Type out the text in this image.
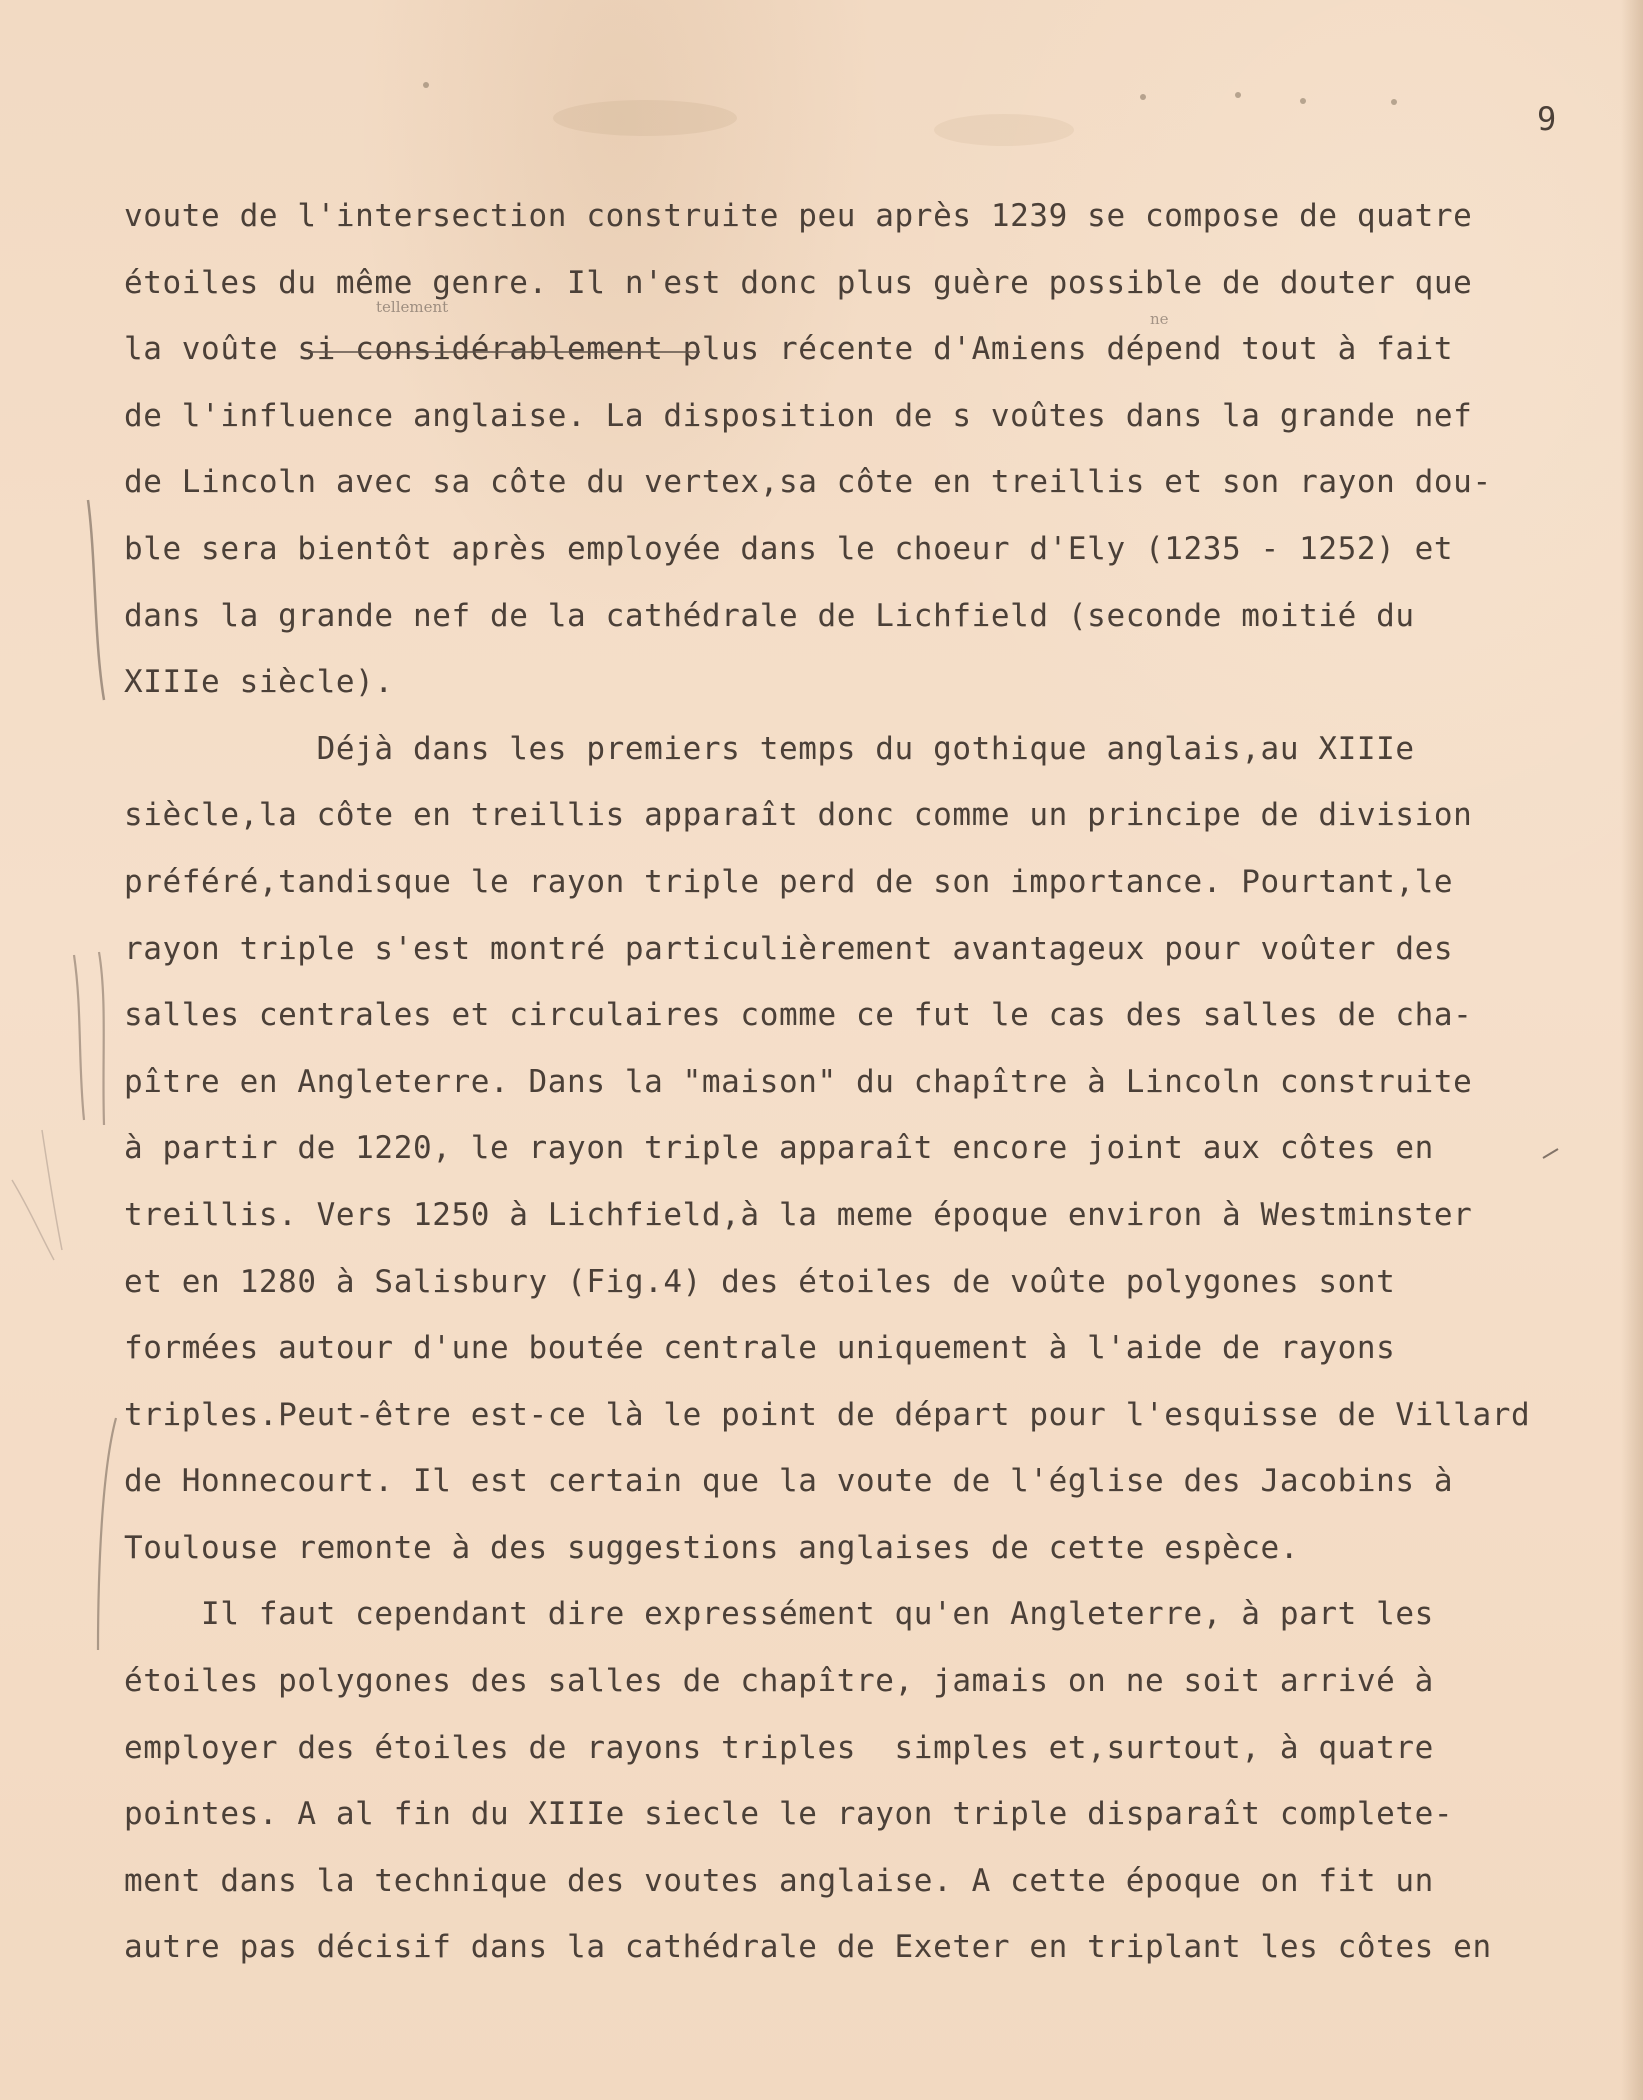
9
voute de l'intersection construite peu après 1239 se compose de quatre
étoiles du même genre. Il n'est donc plus guère possible de douter que
la voûte si considérablement plus récente d'Amiens dépend tout à fait
de l'influence anglaise. La disposition de s voûtes dans la grande nef
de Lincoln avec sa côte du vertex,sa côte en treillis et son rayon dou-
ble sera bientôt après employée dans le choeur d'Ely (1235 - 1252) et
dans la grande nef de la cathédrale de Lichfield (seconde moitié du
XIIIe siècle).
Déjà dans les premiers temps du gothique anglais,au XIIIe
siècle,la côte en treillis apparaît donc comme un principe de division
préféré,tandisque le rayon triple perd de son importance. Pourtant,le
rayon triple s'est montré particulièrement avantageux pour voûter des
salles centrales et circulaires comme ce fut le cas des salles de cha-
pître en Angleterre. Dans la "maison" du chapître à Lincoln construite
à partir de 1220, le rayon triple apparaît encore joint aux côtes en
treillis. Vers 1250 à Lichfield,à la meme époque environ à Westminster
et en 1280 à Salisbury (Fig.4) des étoiles de voûte polygones sont
formées autour d'une boutée centrale uniquement à l'aide de rayons
triples.Peut-être est-ce là le point de départ pour l'esquisse de Villard
de Honnecourt. Il est certain que la voute de l'église des Jacobins à
Toulouse remonte à des suggestions anglaises de cette espèce.
Il faut cependant dire expressément qu'en Angleterre, à part les
étoiles polygones des salles de chapître, jamais on ne soit arrivé à
employer des étoiles de rayons triples  simples et,surtout, à quatre
pointes. A al fin du XIIIe siecle le rayon triple disparaît complete-
ment dans la technique des voutes anglaise. A cette époque on fit un
autre pas décisif dans la cathédrale de Exeter en triplant les côtes en
tellement
ne
